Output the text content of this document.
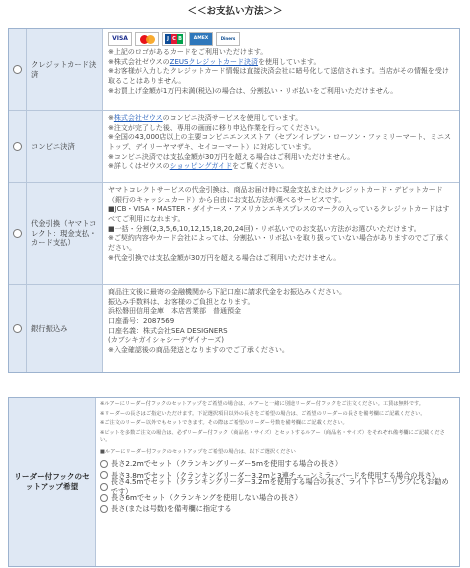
＜＜お支払い方法＞＞
クレジットカード決済
VISA	J C B	AMEX	Diners
※上記のロゴがあるカードをご利用いただけます。
※株式会社ゼウスのZEUSクレジットカード決済を使用しています。
※お客様が入力したクレジットカード情報は直接決済会社に暗号化して送信されます。当店がその情報を受け取ることはありません。
※お買上げ金額が1万円未満(税込)の場合は、分割払い・リボ払いをご利用いただけません。
コンビニ決済
※株式会社ゼウスのコンビニ決済サービスを使用しています。
※注文が完了した後、専用の画面に移り申込作業を行ってください。
※全国の43,000店以上の主要コンビニエンスストア（セブンイレブン・ローソン・ファミリーマート、ミニストップ、デイリーヤマザキ、セイコーマート）に対応しています。
※コンビニ決済では支払金額が30万円を超える場合はご利用いただけません。
※詳しくはゼウスのショッピングガイドをご覧ください。
代金引換（ヤマトコレクト：現金支払・カード支払）
ヤマトコレクトサービスの代金引換は、商品お届け時に現金支払またはクレジットカード・デビットカード（銀行のキャッシュカード）から自由にお支払方法が選べるサービスです。
■JCB・VISA・MASTER・ダイナース・アメリカンエキスプレスのマークの入っているクレジットカードはすべてご利用になれます。
■一括・分割(2,3,5,6,10,12,15,18,20,24回)・リボ払いでのお支払い方法がお選びいただけます。
※ご契約内容やカード会社によっては、分割払い・リボ払いを取り扱っていない場合がありますのでご了承ください。
※代金引換では支払金額が30万円を超える場合はご利用いただけません。
銀行振込み
商品注文後に最寄の金融機関から下記口座に請求代金をお振込みください。
振込み手数料は、お客様のご負担となります。
浜松磐田信用金庫　本店営業部　普通預金
口座番号：2087569
口座名義：株式会社SEA DESIGNERS
(カブシキガイシャシーデザイナーズ)
※入金確認後の商品発送となりますのでご了承ください。
リーダー付フックのセットアップ希望
※ルアーにリーダー付フックのセットアップをご希望の場合は、ルアーと一緒に別途リーダー付フックをご注文ください。工賃は無料です。
※リーダーの長さはご指定いただけます。下記選択項目以外の長さをご希望の場合は、ご希望のリーダーの長さを備考欄にご記載ください。
※ご注文のリーダー以外でもセットできます。その際はご希望のリーダー号数を備考欄にご記載ください。
※ビットを多数ご注文の場合は、必ずリーダー付フック（商品名・サイズ）とセットするルアー（商品名・サイズ）をそれぞれ備考欄にご記載ください。
■ルアーにリーダー付フックのセットアップをご希望の場合は、以下ご選択ください
長さ2.2mでセット（クランキングリーダー5mを使用する場合の長さ）
長さ3.8mでセット（クランキングリーダー3.2mと3連チェーンミラーバードを使用する場合の長さ）
長さ4.5mでセット（クランキングリーダー3.2mを使用する場合の長さ、ライトトローリングにもお勧めです）
長さ6mでセット（クランキングを使用しない場合の長さ）
長さ(または号数)を備考欄に指定する
